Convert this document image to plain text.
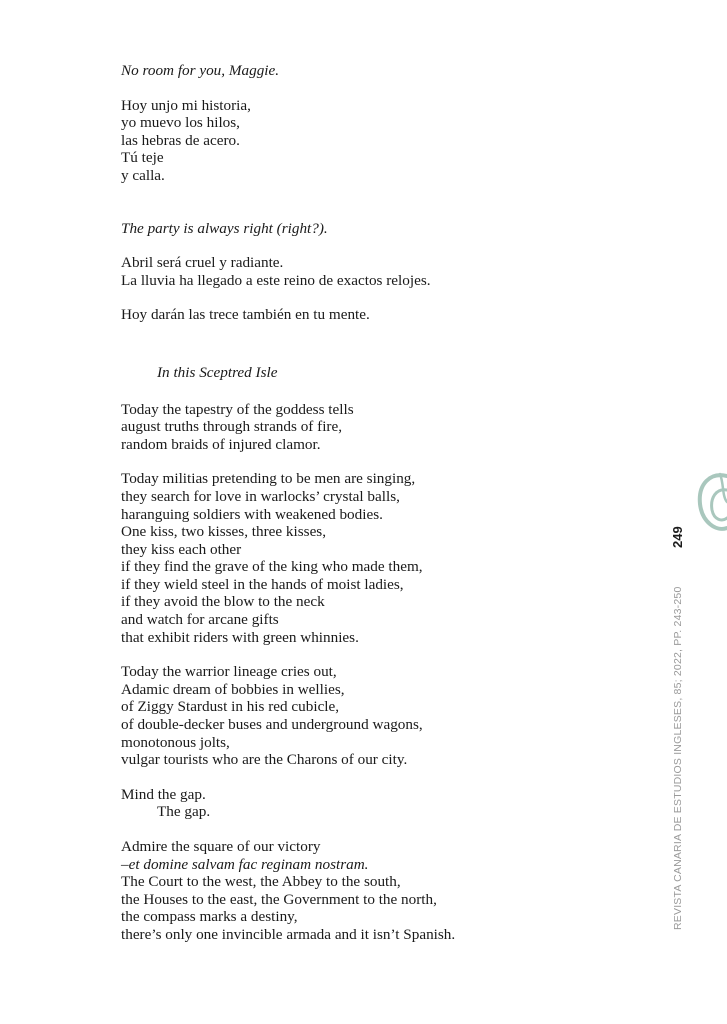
No room for you, Maggie.
Hoy unjo mi historia,
yo muevo los hilos,
las hebras de acero.
Tú teje
y calla.
The party is always right (right?).
Abril será cruel y radiante.
La lluvia ha llegado a este reino de exactos relojes.
Hoy darán las trece también en tu mente.
In this Sceptred Isle
Today the tapestry of the goddess tells
august truths through strands of fire,
random braids of injured clamor.
Today militias pretending to be men are singing,
they search for love in warlocks’ crystal balls,
haranguing soldiers with weakened bodies.
One kiss, two kisses, three kisses,
they kiss each other
if they find the grave of the king who made them,
if they wield steel in the hands of moist ladies,
if they avoid the blow to the neck
and watch for arcane gifts
that exhibit riders with green whinnies.
Today the warrior lineage cries out,
Adamic dream of bobbies in wellies,
of Ziggy Stardust in his red cubicle,
of double-decker buses and underground wagons,
monotonous jolts,
vulgar tourists who are the Charons of our city.
Mind the gap.
The gap.
Admire the square of our victory
–et domine salvam fac reginam nostram.
The Court to the west, the Abbey to the south,
the Houses to the east, the Government to the north,
the compass marks a destiny,
there’s only one invincible armada and it isn’t Spanish.
249
REVISTA CANARIA DE ESTUDIOS INGLESES, 85; 2022, PP. 243-250
